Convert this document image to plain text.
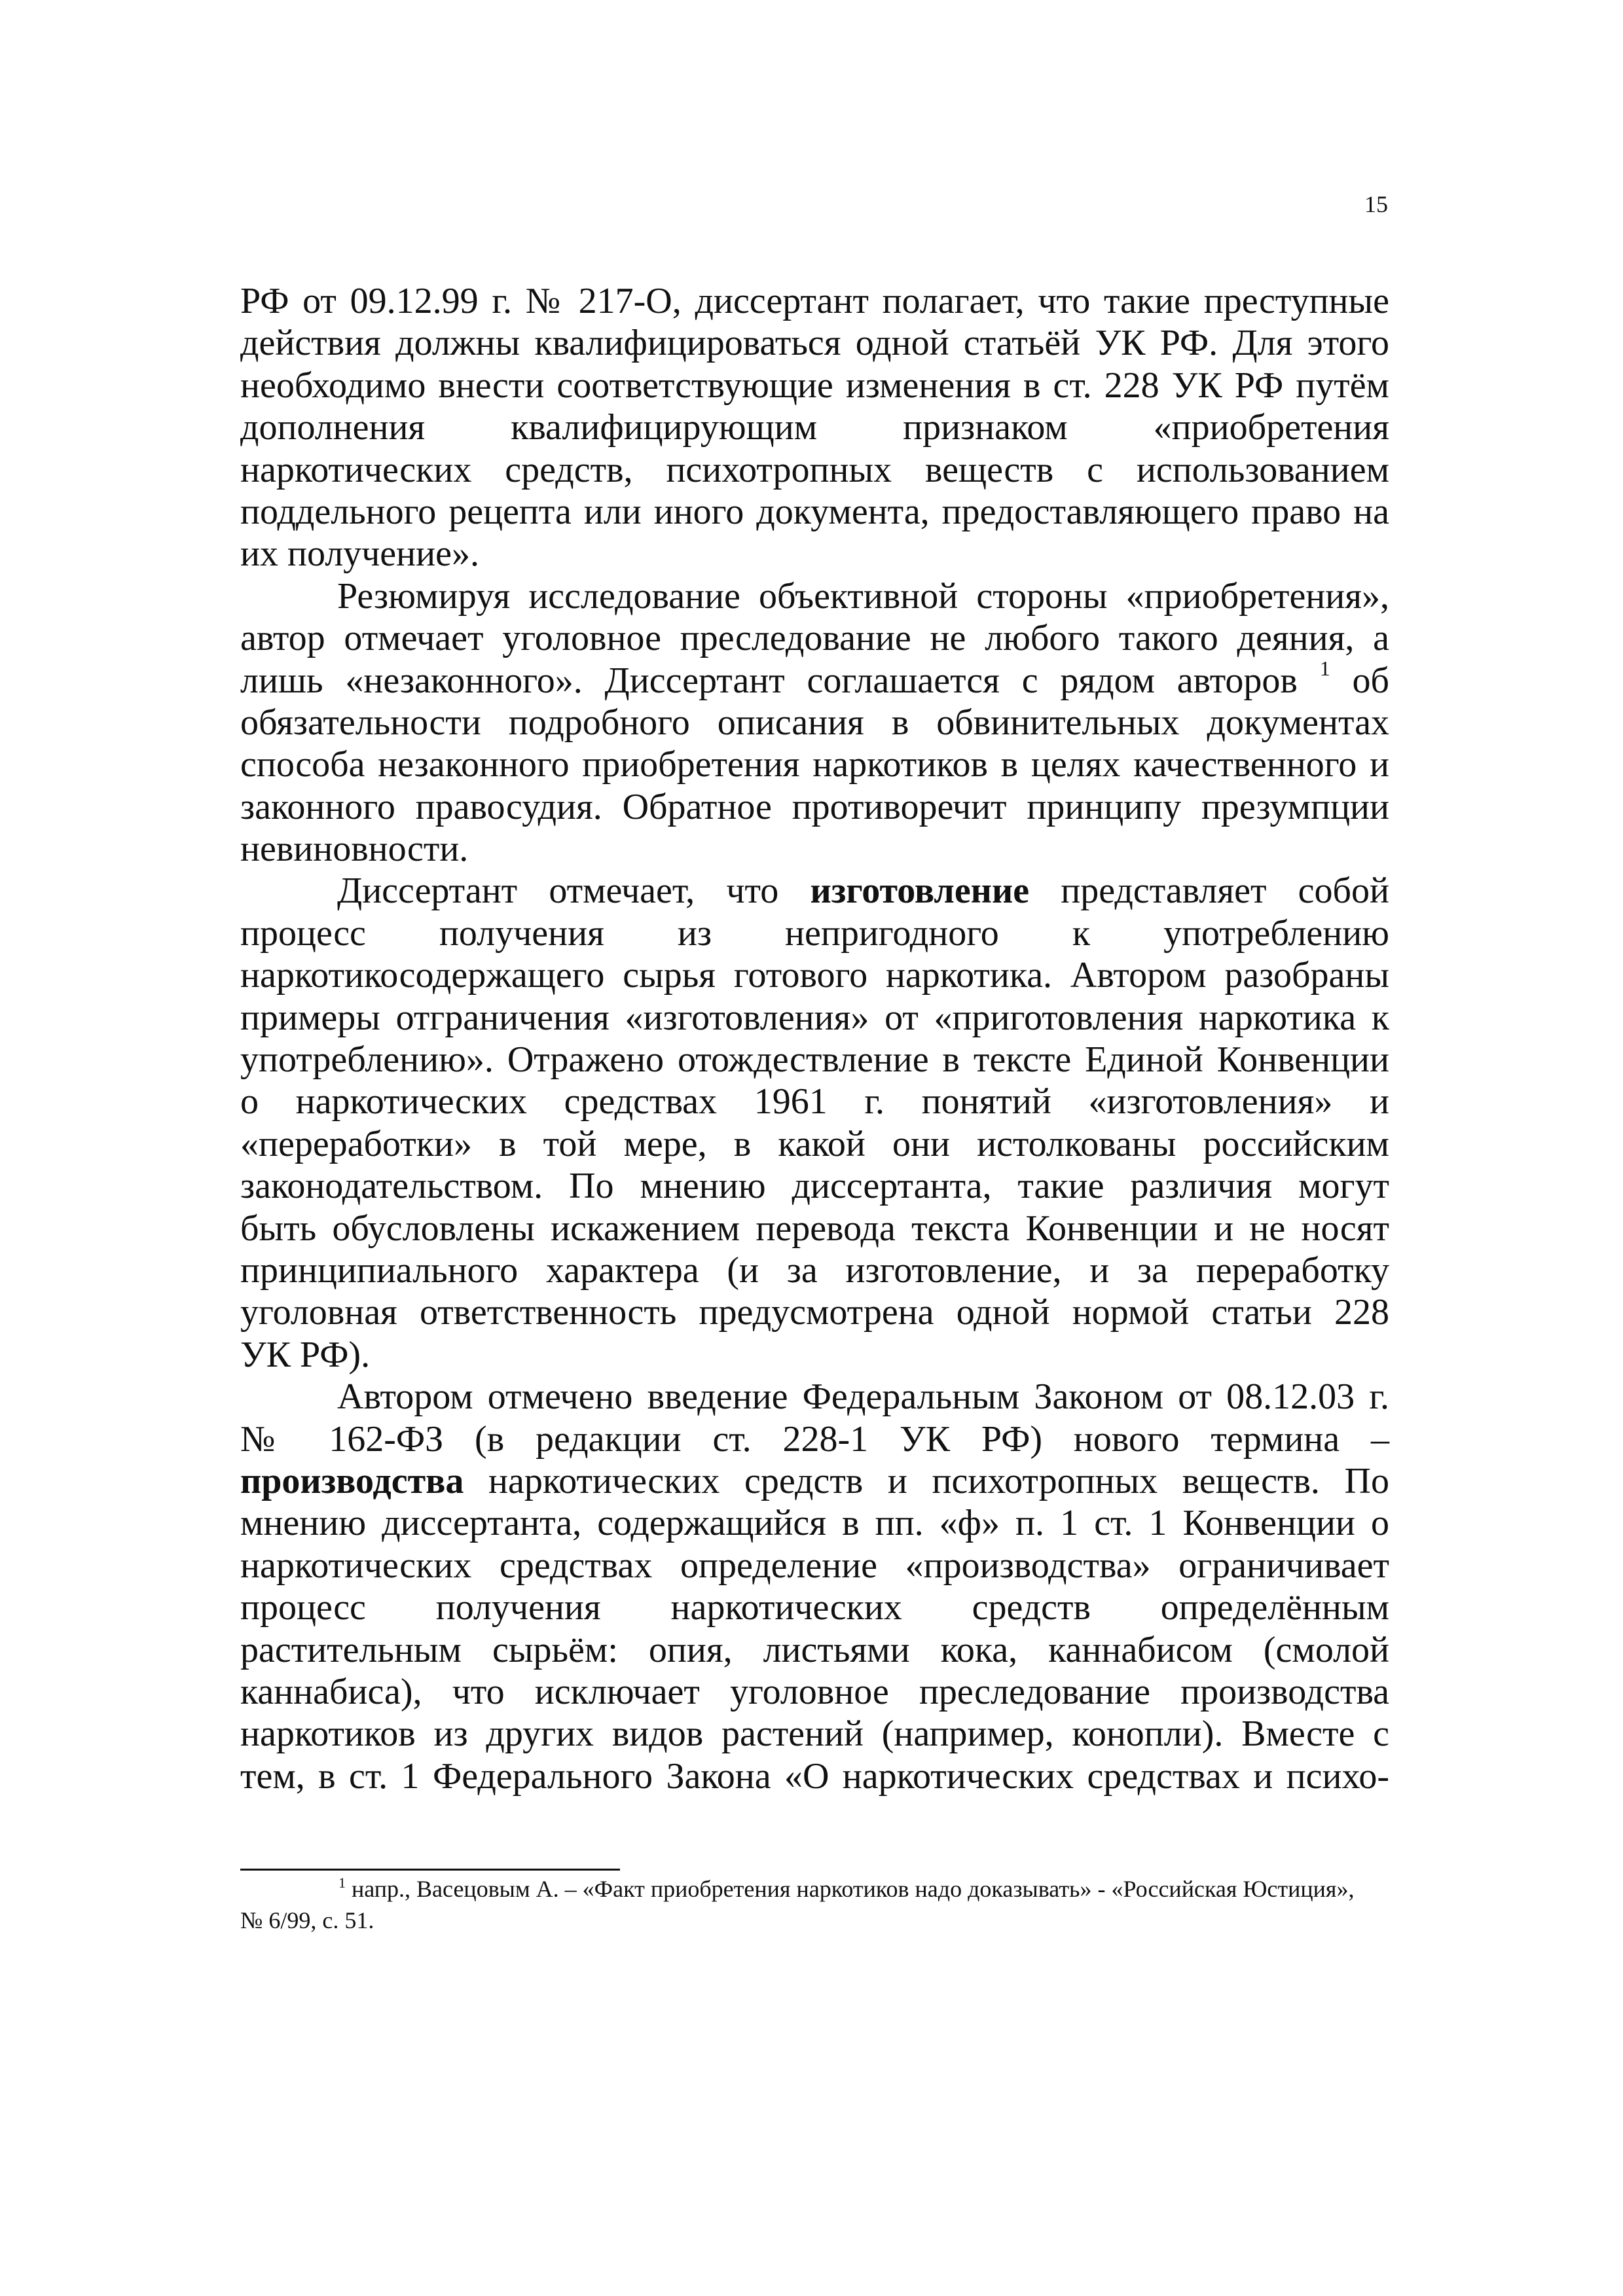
15
РФ от 09.12.99 г. № 217-О, диссертант полагает, что такие преступные
действия должны квалифицироваться одной статьёй УК РФ. Для этого
необходимо внести соответствующие изменения в ст. 228 УК РФ путём
дополнения квалифицирующим признаком «приобретения
наркотических средств, психотропных веществ с использованием
поддельного рецепта или иного документа, предоставляющего право на
их получение».
Резюмируя исследование объективной стороны «приобретения»,
автор отмечает уголовное преследование не любого такого деяния, а
лишь «незаконного». Диссертант соглашается с рядом авторов $^1$ об
обязательности подробного описания в обвинительных документах
способа незаконного приобретения наркотиков в целях качественного и
законного правосудия. Обратное противоречит принципу презумпции
невиновности.
Диссертант отмечает, что изготовление представляет собой
процесс получения из непригодного к употреблению
наркотикосодержащего сырья готового наркотика. Автором разобраны
примеры отграничения «изготовления» от «приготовления наркотика к
употреблению». Отражено отождествление в тексте Единой Конвенции
о наркотических средствах 1961 г. понятий «изготовления» и
«переработки» в той мере, в какой они истолкованы российским
законодательством. По мнению диссертанта, такие различия могут
быть обусловлены искажением перевода текста Конвенции и не носят
принципиального характера (и за изготовление, и за переработку
уголовная ответственность предусмотрена одной нормой статьи 228
УК РФ).
Автором отмечено введение Федеральным Законом от 08.12.03 г.
№ 162-ФЗ (в редакции ст. 228-1 УК РФ) нового термина –
производства наркотических средств и психотропных веществ. По
мнению диссертанта, содержащийся в пп. «ф» п. 1 ст. 1 Конвенции о
наркотических средствах определение «производства» ограничивает
процесс получения наркотических средств определённым
растительным сырьём: опия, листьями кока, каннабисом (смолой
каннабиса), что исключает уголовное преследование производства
наркотиков из других видов растений (например, конопли). Вместе с
тем, в ст. 1 Федерального Закона «О наркотических средствах и психо-
$^1$ напр., Васецовым А. – «Факт приобретения наркотиков надо доказывать» - «Российская Юстиция»,
№ 6/99, с. 51.
